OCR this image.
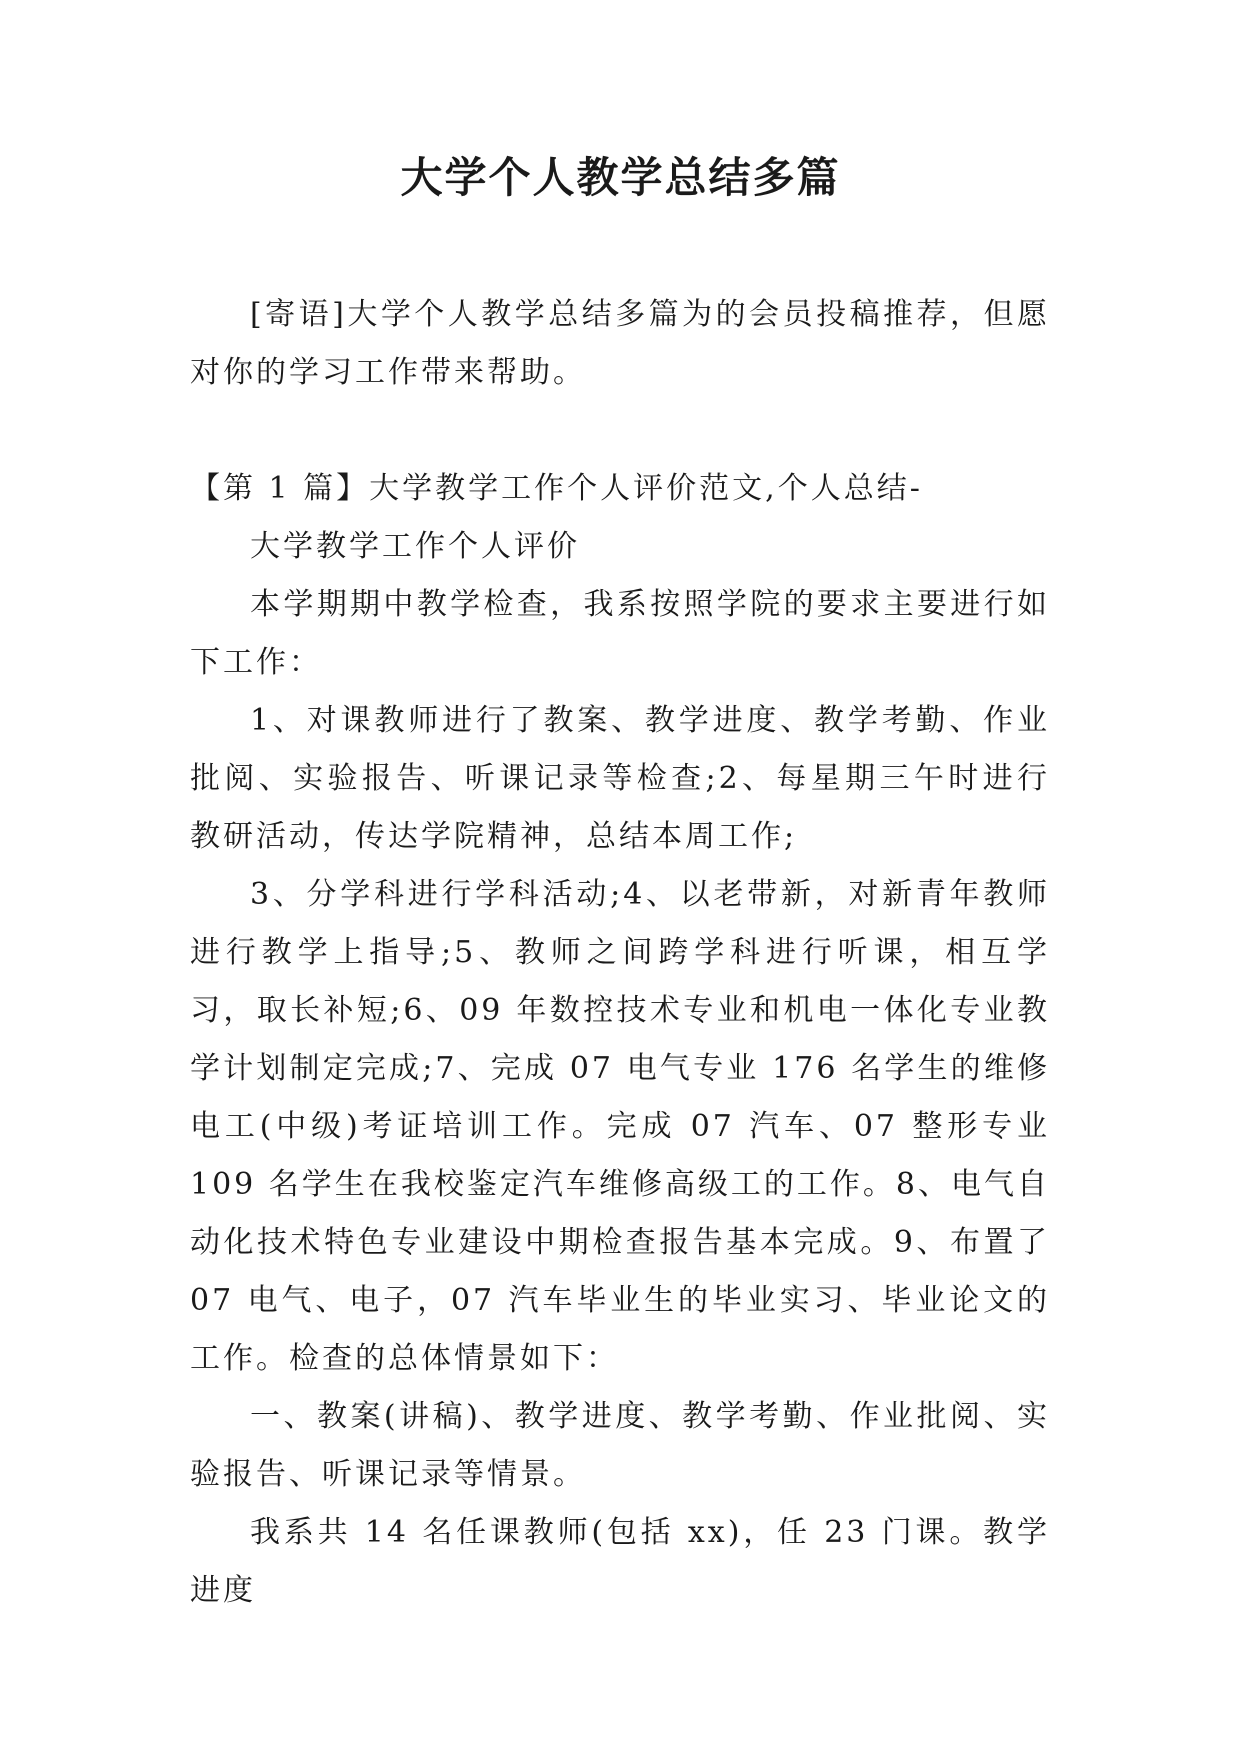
大学个人教学总结多篇

[寄语]大学个人教学总结多篇为的会员投稿推荐，但愿对你的学习工作带来帮助。

【第 1 篇】大学教学工作个人评价范文,个人总结-

大学教学工作个人评价

本学期期中教学检查，我系按照学院的要求主要进行如下工作：

1、对课教师进行了教案、教学进度、教学考勤、作业批阅、实验报告、听课记录等检查;2、每星期三午时进行教研活动，传达学院精神，总结本周工作;

3、分学科进行学科活动;4、以老带新，对新青年教师进行教学上指导;5、教师之间跨学科进行听课，相互学习，取长补短;6、09 年数控技术专业和机电一体化专业教学计划制定完成;7、完成 07 电气专业 176 名学生的维修电工(中级)考证培训工作。完成 07 汽车、07 整形专业 109 名学生在我校鉴定汽车维修高级工的工作。8、电气自动化技术特色专业建设中期检查报告基本完成。9、布置了 07 电气、电子，07 汽车毕业生的毕业实习、毕业论文的工作。检查的总体情景如下：

一、教案(讲稿)、教学进度、教学考勤、作业批阅、实验报告、听课记录等情景。

我系共 14 名任课教师(包括 xx)，任 23 门课。教学进度
